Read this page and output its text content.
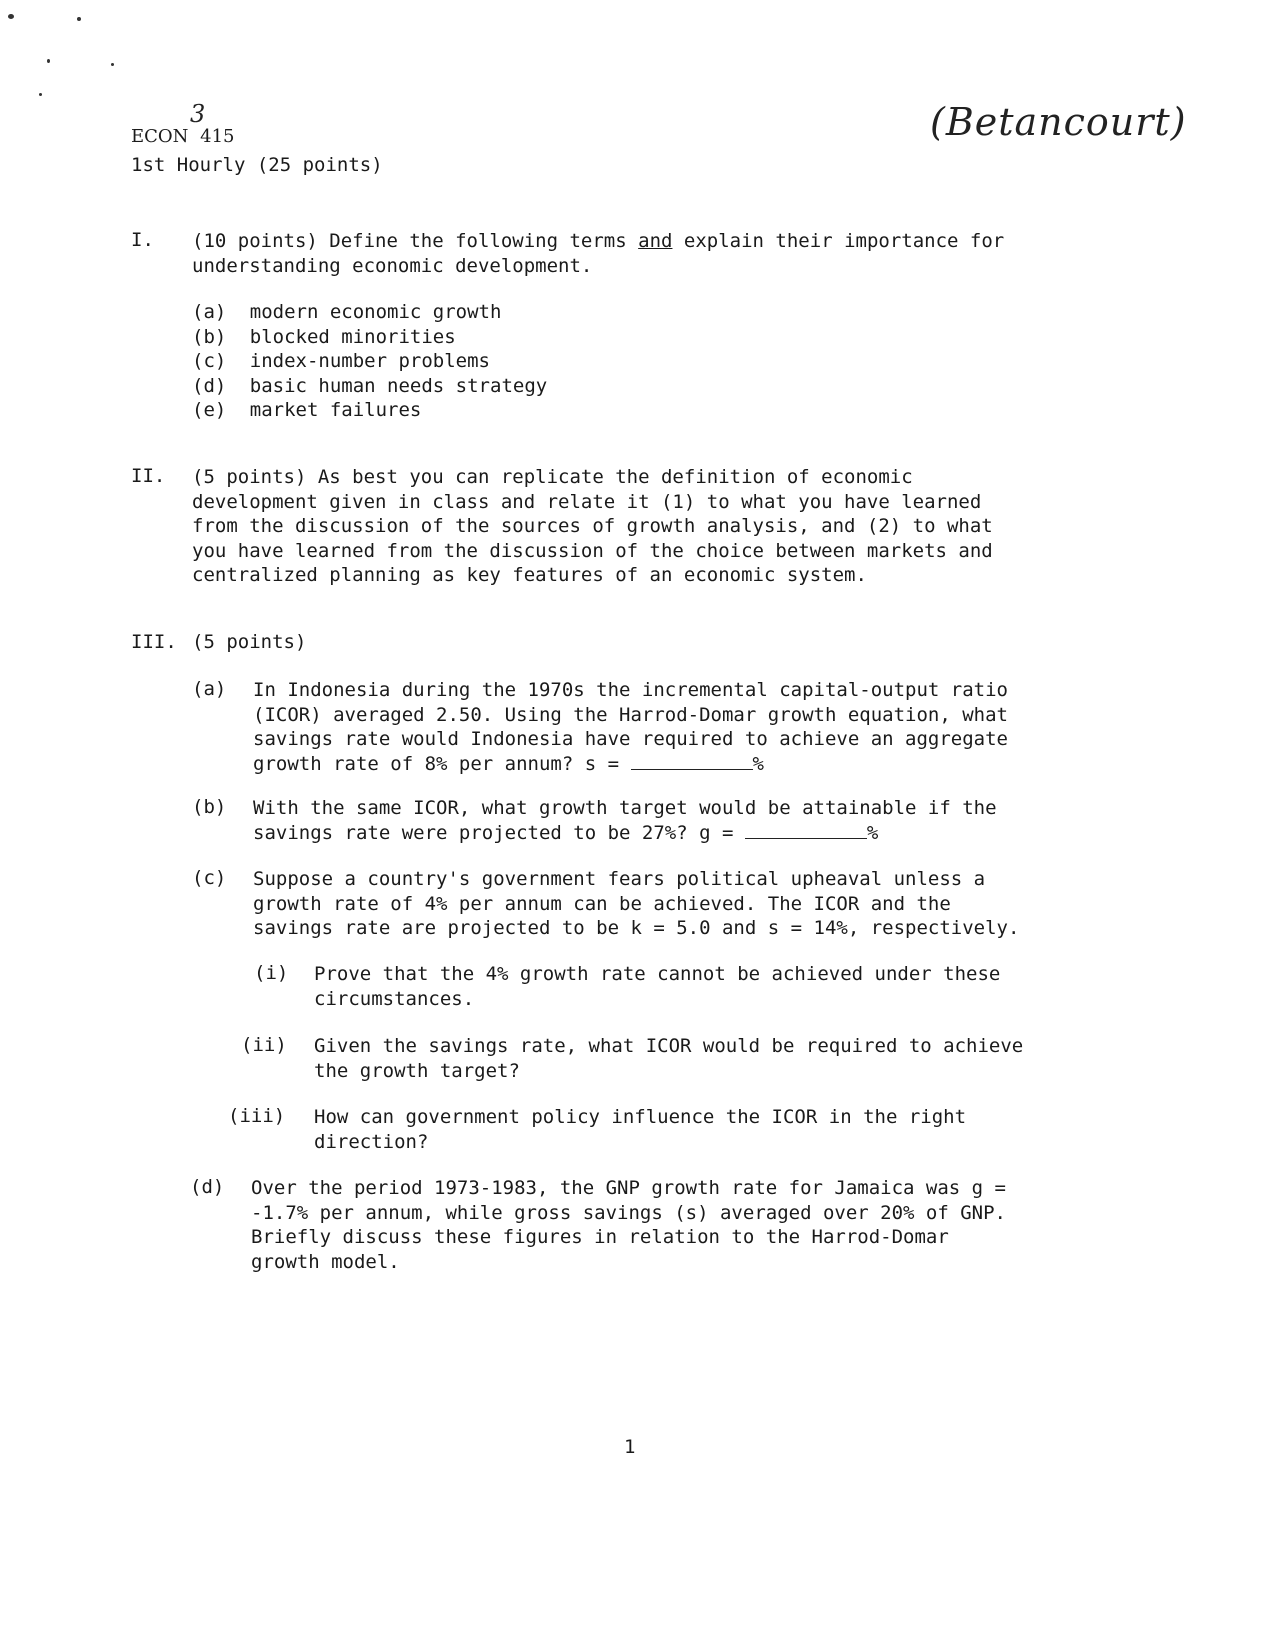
ECON 415
3
1st Hourly (25 points)
(Betancourt)
I. (10 points) Define the following terms and explain their importance for
understanding economic development.
(a) modern economic growth
(b) blocked minorities
(c) index-number problems
(d) basic human needs strategy
(e) market failures
II. (5 points) As best you can replicate the definition of economic
development given in class and relate it (1) to what you have learned
from the discussion of the sources of growth analysis, and (2) to what
you have learned from the discussion of the choice between markets and
centralized planning as key features of an economic system.
III. (5 points)
(a) In Indonesia during the 1970s the incremental capital-output ratio
(ICOR) averaged 2.50. Using the Harrod-Domar growth equation, what
savings rate would Indonesia have required to achieve an aggregate
growth rate of 8% per annum? s =	%
(b) With the same ICOR, what growth target would be attainable if the
savings rate were projected to be 27%? g =	%
(c) Suppose a country's government fears political upheaval unless a
growth rate of 4% per annum can be achieved. The ICOR and the
savings rate are projected to be k = 5.0 and s = 14%, respectively.
(i) Prove that the 4% growth rate cannot be achieved under these
circumstances.
(ii) Given the savings rate, what ICOR would be required to achieve
the growth target?
(iii) How can government policy influence the ICOR in the right
direction?
(d) Over the period 1973-1983, the GNP growth rate for Jamaica was g =
-1.7% per annum, while gross savings (s) averaged over 20% of GNP.
Briefly discuss these figures in relation to the Harrod-Domar
growth model.
1
